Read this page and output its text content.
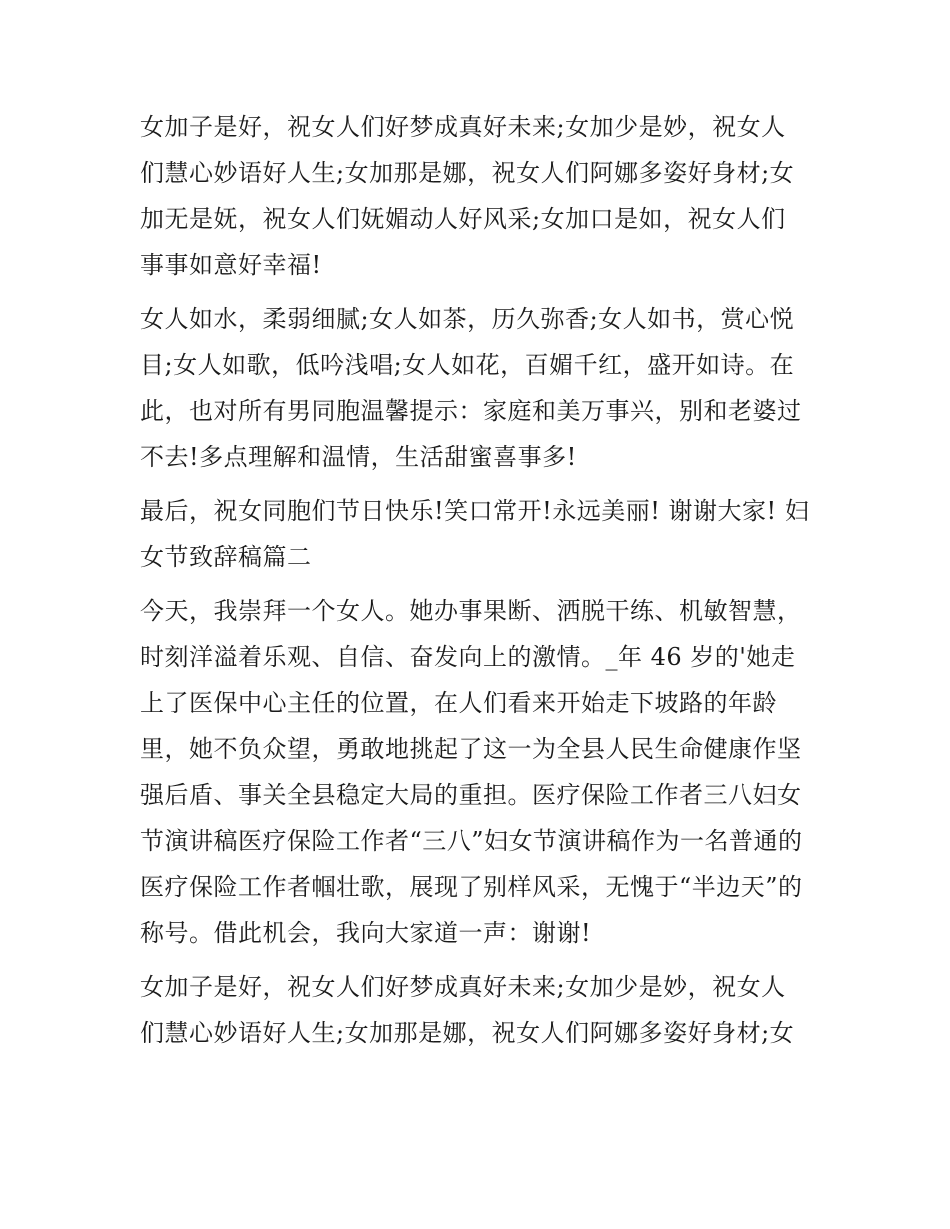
女加子是好，祝女人们好梦成真好未来;女加少是妙，祝女人
们慧心妙语好人生;女加那是娜，祝女人们阿娜多姿好身材;女
加无是妩，祝女人们妩媚动人好风采;女加口是如，祝女人们
事事如意好幸福!
女人如水，柔弱细腻;女人如茶，历久弥香;女人如书，赏心悦
目;女人如歌，低吟浅唱;女人如花，百媚千红，盛开如诗。在
此，也对所有男同胞温馨提示：家庭和美万事兴，别和老婆过
不去!多点理解和温情，生活甜蜜喜事多!
最后，祝女同胞们节日快乐!笑口常开!永远美丽! 谢谢大家! 妇
女节致辞稿篇二
今天，我崇拜一个女人。她办事果断、洒脱干练、机敏智慧，
时刻洋溢着乐观、自信、奋发向上的激情。_年 46 岁的'她走
上了医保中心主任的位置，在人们看来开始走下坡路的年龄
里，她不负众望，勇敢地挑起了这一为全县人民生命健康作坚
强后盾、事关全县稳定大局的重担。医疗保险工作者三八妇女
节演讲稿医疗保险工作者“三八”妇女节演讲稿作为一名普通的
医疗保险工作者帼壮歌，展现了别样风采，无愧于“半边天”的
称号。借此机会，我向大家道一声：谢谢!
女加子是好，祝女人们好梦成真好未来;女加少是妙，祝女人
们慧心妙语好人生;女加那是娜，祝女人们阿娜多姿好身材;女
